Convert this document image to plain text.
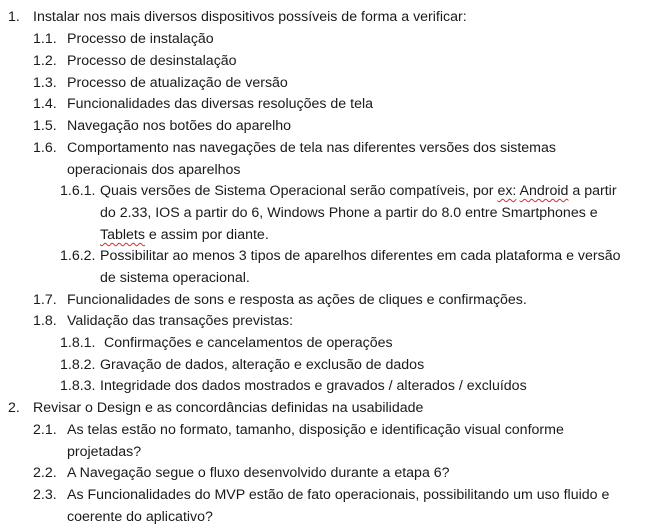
1. Instalar nos mais diversos dispositivos possíveis de forma a verificar:
1.1. Processo de instalação
1.2. Processo de desinstalação
1.3. Processo de atualização de versão
1.4. Funcionalidades das diversas resoluções de tela
1.5. Navegação nos botões do aparelho
1.6. Comportamento nas navegações de tela nas diferentes versões dos sistemas
operacionais dos aparelhos
1.6.1. Quais versões de Sistema Operacional serão compatíveis, por ex: Android a partir
do 2.33, IOS a partir do 6, Windows Phone a partir do 8.0 entre Smartphones e
Tablets e assim por diante.
1.6.2. Possibilitar ao menos 3 tipos de aparelhos diferentes em cada plataforma e versão
de sistema operacional.
1.7. Funcionalidades de sons e resposta as ações de cliques e confirmações.
1.8. Validação das transações previstas:
1.8.1. Confirmações e cancelamentos de operações
1.8.2. Gravação de dados, alteração e exclusão de dados
1.8.3. Integridade dos dados mostrados e gravados / alterados / excluídos
2. Revisar o Design e as concordâncias definidas na usabilidade
2.1. As telas estão no formato, tamanho, disposição e identificação visual conforme
projetadas?
2.2. A Navegação segue o fluxo desenvolvido durante a etapa 6?
2.3. As Funcionalidades do MVP estão de fato operacionais, possibilitando um uso fluido e
coerente do aplicativo?
